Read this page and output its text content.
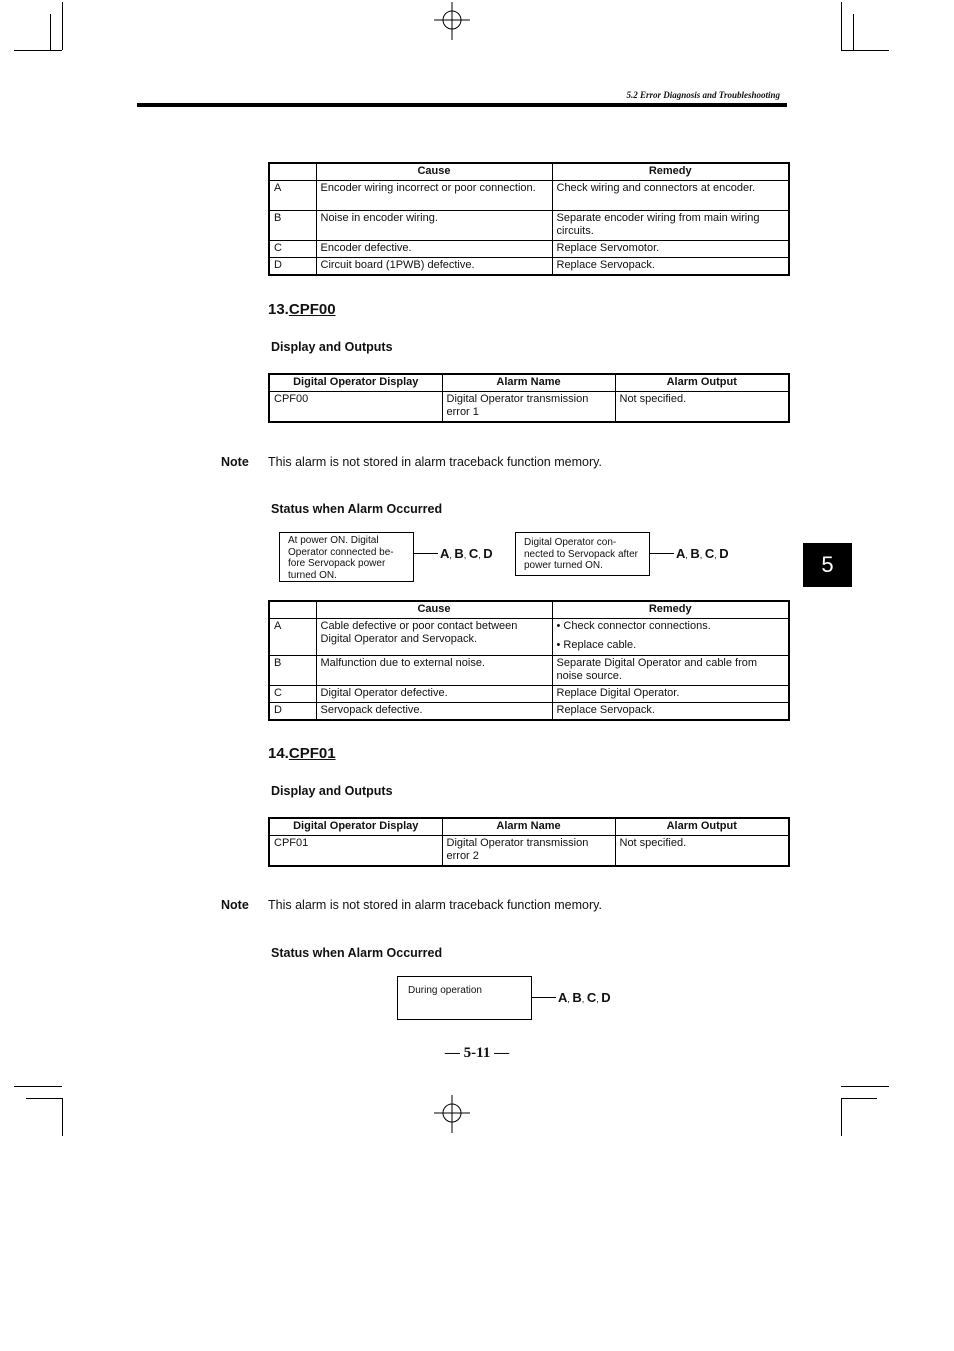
5.2 Error Diagnosis and Troubleshooting
	Cause	Remedy
A	Encoder wiring incorrect or poor connection.	Check wiring and connectors at encoder.
B	Noise in encoder wiring.	Separate encoder wiring from main wiring circuits.
C	Encoder defective.	Replace Servomotor.
D	Circuit board (1PWB) defective.	Replace Servopack.
13.CPF00
Display and Outputs
Digital Operator Display	Alarm Name	Alarm Output
CPF00	Digital Operator transmission error 1	Not specified.
Note This alarm is not stored in alarm traceback function memory.
Status when Alarm Occurred
At power ON. Digital Operator connected be-fore Servopack power turned ON.
A, B, C, D
Digital Operator con-nected to Servopack after power turned ON.
A, B, C, D	5
	Cause	Remedy
A	Cable defective or poor contact between Digital Operator and Servopack.	• Check connector connections.
• Replace cable.

B	Malfunction due to external noise.	Separate Digital Operator and cable from noise source.
C	Digital Operator defective.	Replace Digital Operator.
D	Servopack defective.	Replace Servopack.
14.CPF01
Display and Outputs
Digital Operator Display	Alarm Name	Alarm Output
CPF01	Digital Operator transmission error 2	Not specified.
Note This alarm is not stored in alarm traceback function memory.
Status when Alarm Occurred
During operation	A, B, C, D
— 5-11 —
